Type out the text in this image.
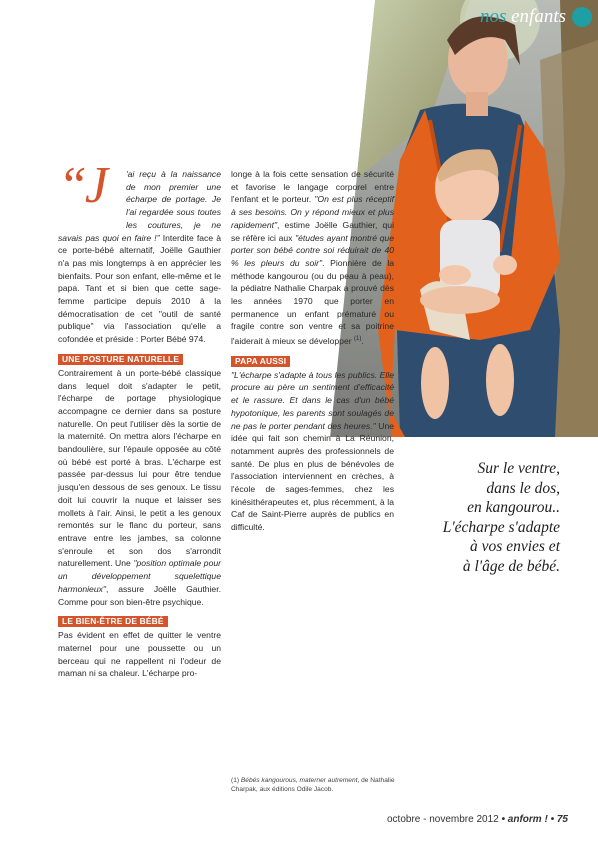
nos enfants
“J	'ai reçu à la naissance de mon premier une écharpe de portage. Je l'ai regardée sous toutes les coutures, je ne savais pas quoi en faire !” Interdite face à ce porte-bébé alternatif, Joëlle Gauthier n'a pas mis longtemps à en apprécier les bienfaits. Pour son enfant, elle-même et le papa. Tant et si bien que cette sage-femme participe depuis 2010 à la démocratisation de cet "outil de santé publique" via l'association qu'elle a cofondée et préside : Porter Bébé 974.

UNE POSTURE NATURELLE

Contrairement à un porte-bébé classique dans lequel doit s'adapter le petit, l'écharpe de portage physiologique accompagne ce dernier dans sa posture naturelle. On peut l'utiliser dès la sortie de la maternité. On mettra alors l'écharpe en bandoulière, sur l'épaule opposée au côté où bébé est porté à bras. L'écharpe est passée par-dessus lui pour être tendue jusqu'en dessous de ses genoux. Le tissu doit lui couvrir la nuque et laisser ses mollets à l'air. Ainsi, le petit a les genoux remontés sur le flanc du porteur, sans entrave entre les jambes, sa colonne s'enroule et son dos s'arrondit naturellement. Une "position optimale pour un développement squelettique harmonieux", assure Joëlle Gauthier. Comme pour son bien-être psychique.

LE BIEN-ÊTRE DE BÉBÉ

Pas évident en effet de quitter le ventre maternel pour une poussette ou un berceau qui ne rappellent ni l'odeur de maman ni sa chaleur. L'écharpe pro-

longe à la fois cette sensation de sécurité et favorise le langage corporel entre l'enfant et le porteur. "On est plus réceptif à ses besoins. On y répond mieux et plus rapidement", estime Joëlle Gauthier, qui se réfère ici aux "études ayant montré que porter son bébé contre soi réduirait de 40 % les pleurs du soir". Pionnière de la méthode kangourou (ou du peau à peau), la pédiatre Nathalie Charpak a prouvé dès les années 1970 que porter en permanence un enfant prématuré ou fragile contre son ventre et sa poitrine l'aiderait à mieux se développer $^{(1)}$.

PAPA AUSSI

"L'écharpe s'adapte à tous les publics. Elle procure au père un sentiment d'efficacité et le rassure. Et dans le cas d'un bébé hypotonique, les parents sont soulagés de ne pas le porter pendant des heures." Une idée qui fait son chemin à La Réunion, notamment auprès des professionnels de santé. De plus en plus de bénévoles de l'association interviennent en crèches, à l'école de sages-femmes, chez les kinésithérapeutes et, plus récemment, à la Caf de Saint-Pierre auprès de publics en difficulté.

Sur le ventre,
dans le dos,
en kangourou..
L'écharpe s'adapte
à vos envies et
à l'âge de bébé.
(1) Bébés kangourous, materner autrement, de Nathalie Charpak, aux éditions Odile Jacob.
octobre - novembre 2012 • anform ! • 75
